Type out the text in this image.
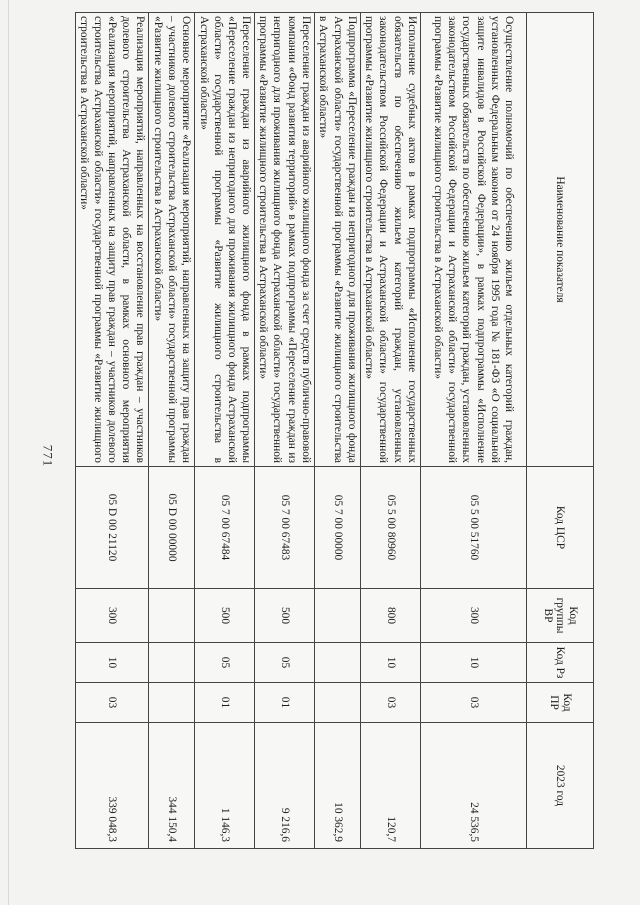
771
Наименование показателя	Код ЦСР	Код группы ВР	Код Рз	Код ПР	2023 год
Осуществление полномочий по обеспечению жильем отдельных категорий граждан, установленных Федеральным законом от 24 ноября 1995 года № 181-ФЗ «О социальной защите инвалидов в Российской Федерации», в рамках подпрограммы «Исполнение государственных обязательств по обеспечению жильем категорий граждан, установленных законодательством Российской Федерации и Астраханской области» государственной программы «Развитие жилищного строительства в Астраханской области»	05 5 00 51760	300	10	03	24 536,5
Исполнение судебных актов в рамках подпрограммы «Исполнение государственных обязательств по обеспечению жильем категорий граждан, установленных законодательством Российской Федерации и Астраханской области» государственной программы «Развитие жилищного строительства в Астраханской области»	05 5 00 80960	800	10	03	120,7
Подпрограмма «Переселение граждан из непригодного для проживания жилищного фонда Астраханской области» государственной программы «Развитие жилищного строительства в Астраханской области»	05 7 00 00000				10 362,9
Переселение граждан из аварийного жилищного фонда за счет средств публично-правовой компании «Фонд развития территорий» в рамках подпрограммы «Переселение граждан из непригодного для проживания жилищного фонда Астраханской области» государственной программы «Развитие жилищного строительства в Астраханской области»	05 7 00 67483	500	05	01	9 216,6
Переселение граждан из аварийного жилищного фонда в рамках подпрограммы «Переселение граждан из непригодного для проживания жилищного фонда Астраханской области» государственной программы «Развитие жилищного строительства в Астраханской области»	05 7 00 67484	500	05	01	1 146,3
Основное мероприятие «Реализация мероприятий, направленных на защиту прав граждан – участников долевого строительства Астраханской области» государственной программы «Развитие жилищного строительства в Астраханской области»	05 D 00 00000				344 150,4
Реализация мероприятий, направленных на восстановление прав граждан – участников долевого строительства Астраханской области, в рамках основного мероприятия «Реализация мероприятий, направленных на защиту прав граждан – участников долевого строительства Астраханской области» государственной программы «Развитие жилищного строительства в Астраханской области»	05 D 00 21120	300	10	03	339 048,3
